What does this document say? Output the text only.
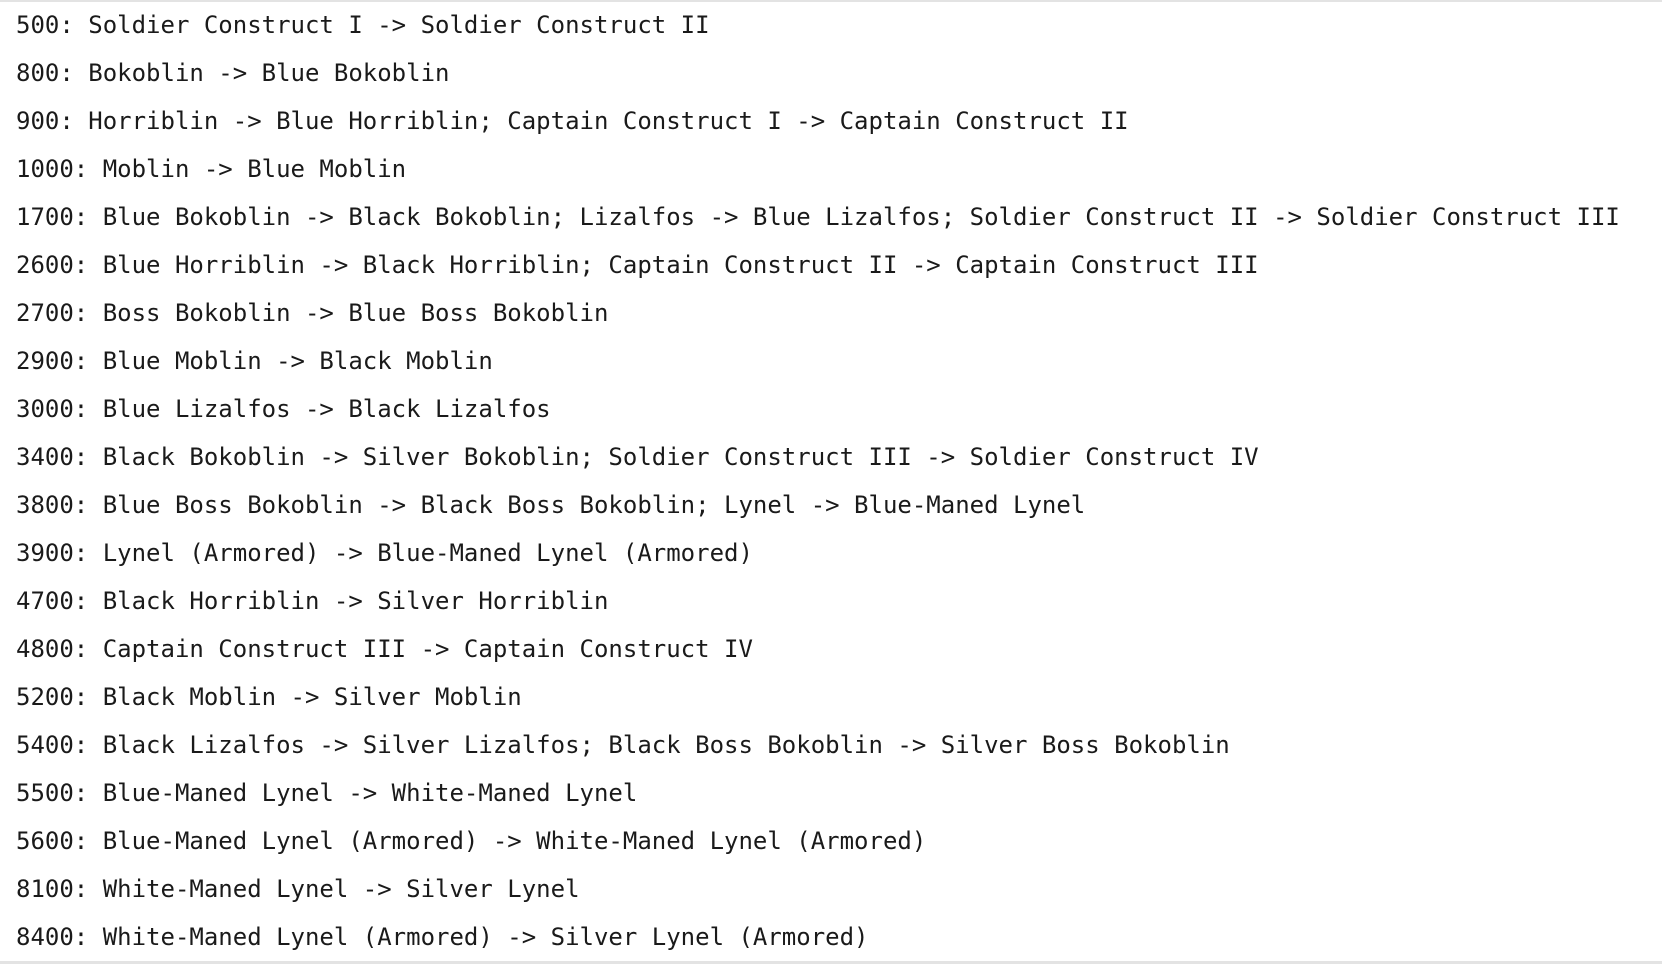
500: Soldier Construct I -> Soldier Construct II
800: Bokoblin -> Blue Bokoblin
900: Horriblin -> Blue Horriblin; Captain Construct I -> Captain Construct II
1000: Moblin -> Blue Moblin
1700: Blue Bokoblin -> Black Bokoblin; Lizalfos -> Blue Lizalfos; Soldier Construct II -> Soldier Construct III
2600: Blue Horriblin -> Black Horriblin; Captain Construct II -> Captain Construct III
2700: Boss Bokoblin -> Blue Boss Bokoblin
2900: Blue Moblin -> Black Moblin
3000: Blue Lizalfos -> Black Lizalfos
3400: Black Bokoblin -> Silver Bokoblin; Soldier Construct III -> Soldier Construct IV
3800: Blue Boss Bokoblin -> Black Boss Bokoblin; Lynel -> Blue-Maned Lynel
3900: Lynel (Armored) -> Blue-Maned Lynel (Armored)
4700: Black Horriblin -> Silver Horriblin
4800: Captain Construct III -> Captain Construct IV
5200: Black Moblin -> Silver Moblin
5400: Black Lizalfos -> Silver Lizalfos; Black Boss Bokoblin -> Silver Boss Bokoblin
5500: Blue-Maned Lynel -> White-Maned Lynel
5600: Blue-Maned Lynel (Armored) -> White-Maned Lynel (Armored)
8100: White-Maned Lynel -> Silver Lynel
8400: White-Maned Lynel (Armored) -> Silver Lynel (Armored)
